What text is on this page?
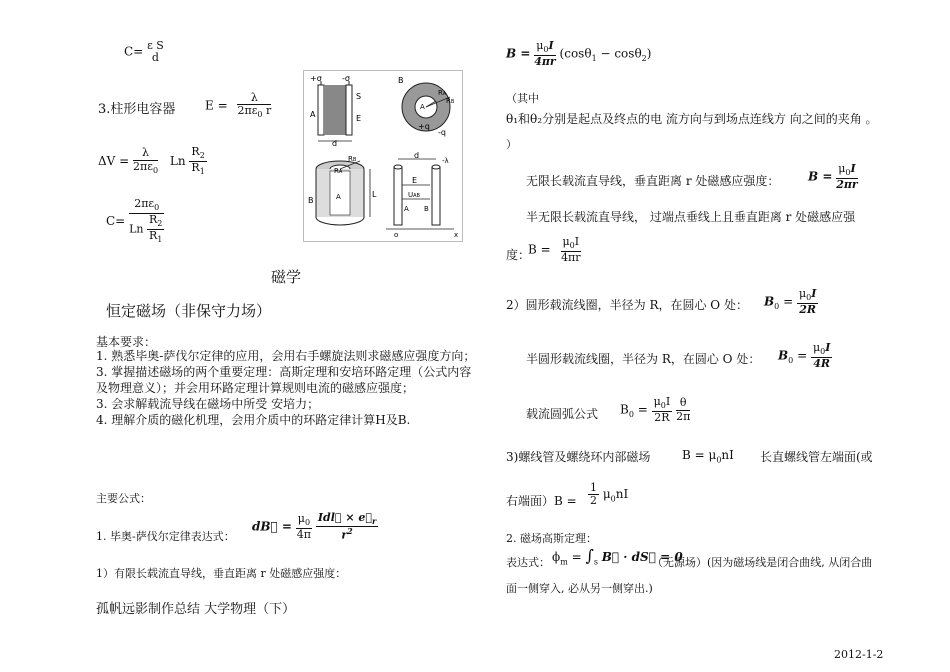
C= ε S
d
3.柱形电容器 $E = \frac{\lambda}{2\pi\varepsilon_0 r}$
$\Delta V = \frac{\lambda}{2\pi\varepsilon_0}$ Ln $\frac{R_2}{R_1}$
$C= \frac{2\pi\varepsilon_0}{Ln \frac{R_2}{R_1}}$
磁学
恒定磁场（非保守力场）
基本要求：
1. 熟悉毕奥-萨伐尔定律的应用，会用右手螺旋法则求磁感应强度方向；
3. 掌握描述磁场的两个重要定理：高斯定理和安培环路定理（公式内容及物理意义）；并会用环路定理计算规则电流的磁感应强度；
3. 会求解载流导线在磁场中所受 安培力；
4. 理解介质的磁化机理，会用介质中的环路定律计算H及B.
主要公式：
1. 毕奥-萨伐尔定律表达式：
dB⃗ = $\frac{\mu_0}{4\pi}$
$\frac{Idl⃗ \times e⃗_r}{r^2}$
1）有限长载流直导线，垂直距离 r 处磁感应强度：
孤帆远影制作总结 大学物理（下）
+σ	-σ
A
S
E
d
B
A
RA
RB
+q
-q
RB
RA
B	A	L
d
-λ
E
UAB
A B
o	x
$B = \frac{\mu_0I}{4\pi r} (\cos\theta_1 - \cos\theta_2)$
（其中
θ₁和θ₂分别是起点及终点的电 流方向与到场点连线方 向之间的夹角 。
）
无限长载流直导线，垂直距离 r 处磁感应强度： $B = \frac{\mu_0I}{2\pi r}$
半无限长载流直导线， 过端点垂线上且垂直距离 r 处磁感应强
度：
$B = \frac{\mu_0I}{4\pi r}$
2）圆形载流线圈，半径为 R，在圆心 O 处： $B_0 = \frac{\mu_0I}{2R}$
半圆形载流线圈，半径为 R，在圆心 O 处： $B_0 = \frac{\mu_0I}{4R}$
载流圆弧公式 $B_0 = \frac{\mu_0I}{2R}$
$\frac{\theta}{2\pi}$
3)螺线管及螺绕环内部磁场	$B = \mu_0nI$ 长直螺线管左端面(或
右端面）$B = \frac{1}{2} \mu_0nI$
2. 磁场高斯定理：
表达式： $\phi_m = \int_s$ B⃗ · dS⃗ = 0
（无源场）(因为磁场线是闭合曲线, 从闭合曲
面一侧穿入, 必从另一侧穿出.)
2012-1-2
